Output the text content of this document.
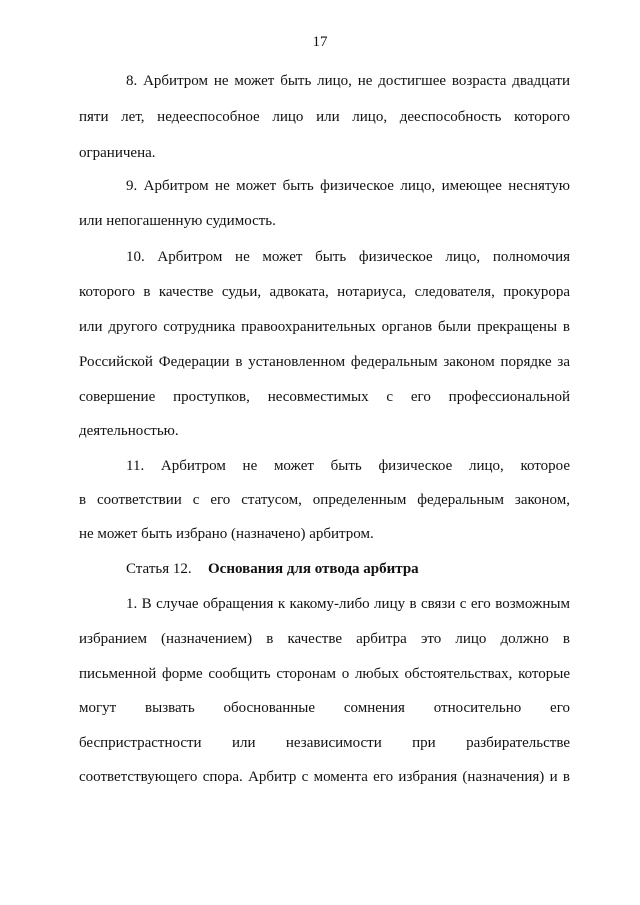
17
8. Арбитром не может быть лицо, не достигшее возраста двадцати
пяти лет, недееспособное лицо или лицо, дееспособность которого
ограничена.
9. Арбитром не может быть физическое лицо, имеющее неснятую
или непогашенную судимость.
10. Арбитром не может быть физическое лицо, полномочия
которого в качестве судьи, адвоката, нотариуса, следователя, прокурора
или другого сотрудника правоохранительных органов были прекращены в
Российской Федерации в установленном федеральным законом порядке за
совершение проступков, несовместимых с его профессиональной
деятельностью.
11. Арбитром не может быть физическое лицо, которое
в соответствии с его статусом, определенным федеральным законом,
не может быть избрано (назначено) арбитром.
Статья 12. Основания для отвода арбитра
1. В случае обращения к какому-либо лицу в связи с его возможным
избранием (назначением) в качестве арбитра это лицо должно в
письменной форме сообщить сторонам о любых обстоятельствах, которые
могут вызвать обоснованные сомнения относительно его
беспристрастности или независимости при разбирательстве
соответствующего спора. Арбитр с момента его избрания (назначения) и в
